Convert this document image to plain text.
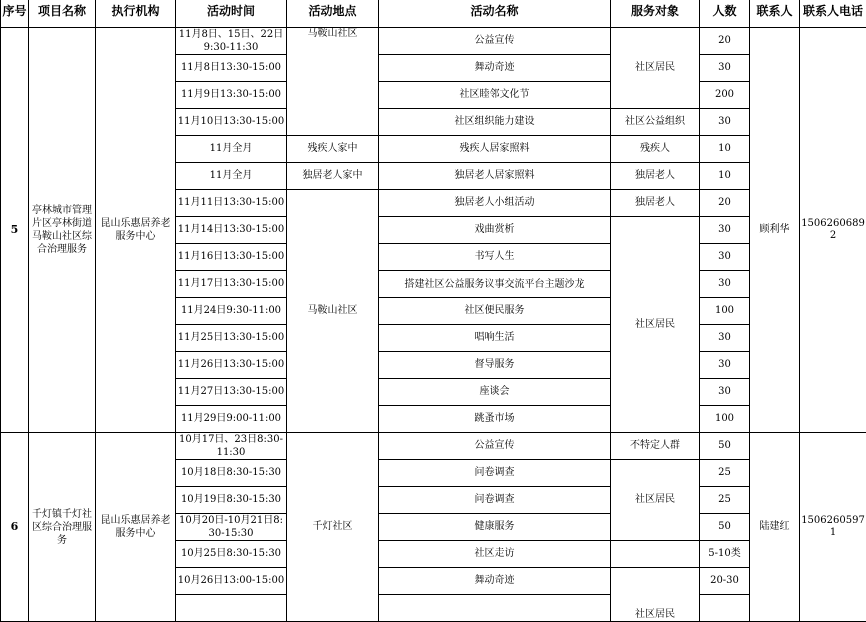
序号	项目名称	执行机构	活动时间	活动地点	活动名称	服务对象	人数	联系人	联系人电话
5	亭林城市管理片区亭林街道马鞍山社区综合治理服务	昆山乐惠居养老服务中心	11月8日、15日、22日9:30-11:30	马鞍山社区	公益宣传	社区居民	20	顾利华	15062606892
			11月8日13:30-15:00		舞动奇迹		30		
			11月9日13:30-15:00		社区睦邻文化节		200		
			11月10日13:30-15:00		社区组织能力建设	社区公益组织	30		
			11月全月	残疾人家中	残疾人居家照料	残疾人	10		
			11月全月	独居老人家中	独居老人居家照料	独居老人	10		
			11月11日13:30-15:00	马鞍山社区	独居老人小组活动	独居老人	20		
			11月14日13:30-15:00		戏曲赏析	社区居民	30		
			11月16日13:30-15:00		书写人生		30		
			11月17日13:30-15:00		搭建社区公益服务议事交流平台主题沙龙		30		
			11月24日9:30-11:00		社区便民服务		100		
			11月25日13:30-15:00		唱响生活		30		
			11月26日13:30-15:00		督导服务		30		
			11月27日13:30-15:00		座谈会		30		
			11月29日9:00-11:00		跳蚤市场		100		
6	千灯镇千灯社区综合治理服务	昆山乐惠居养老服务中心	10月17日、23日8:30-11:30	千灯社区	公益宣传	不特定人群	50	陆建红	15062605971
			10月18日8:30-15:30		问卷调查	社区居民	25		
			10月19日8:30-15:30		问卷调查		25		
			10月20日-10月21日8:30-15:30		健康服务		50		
			10月25日8:30-15:30		社区走访		5-10类		
			10月26日13:00-15:00		舞动奇迹	社区居民	20-30		
